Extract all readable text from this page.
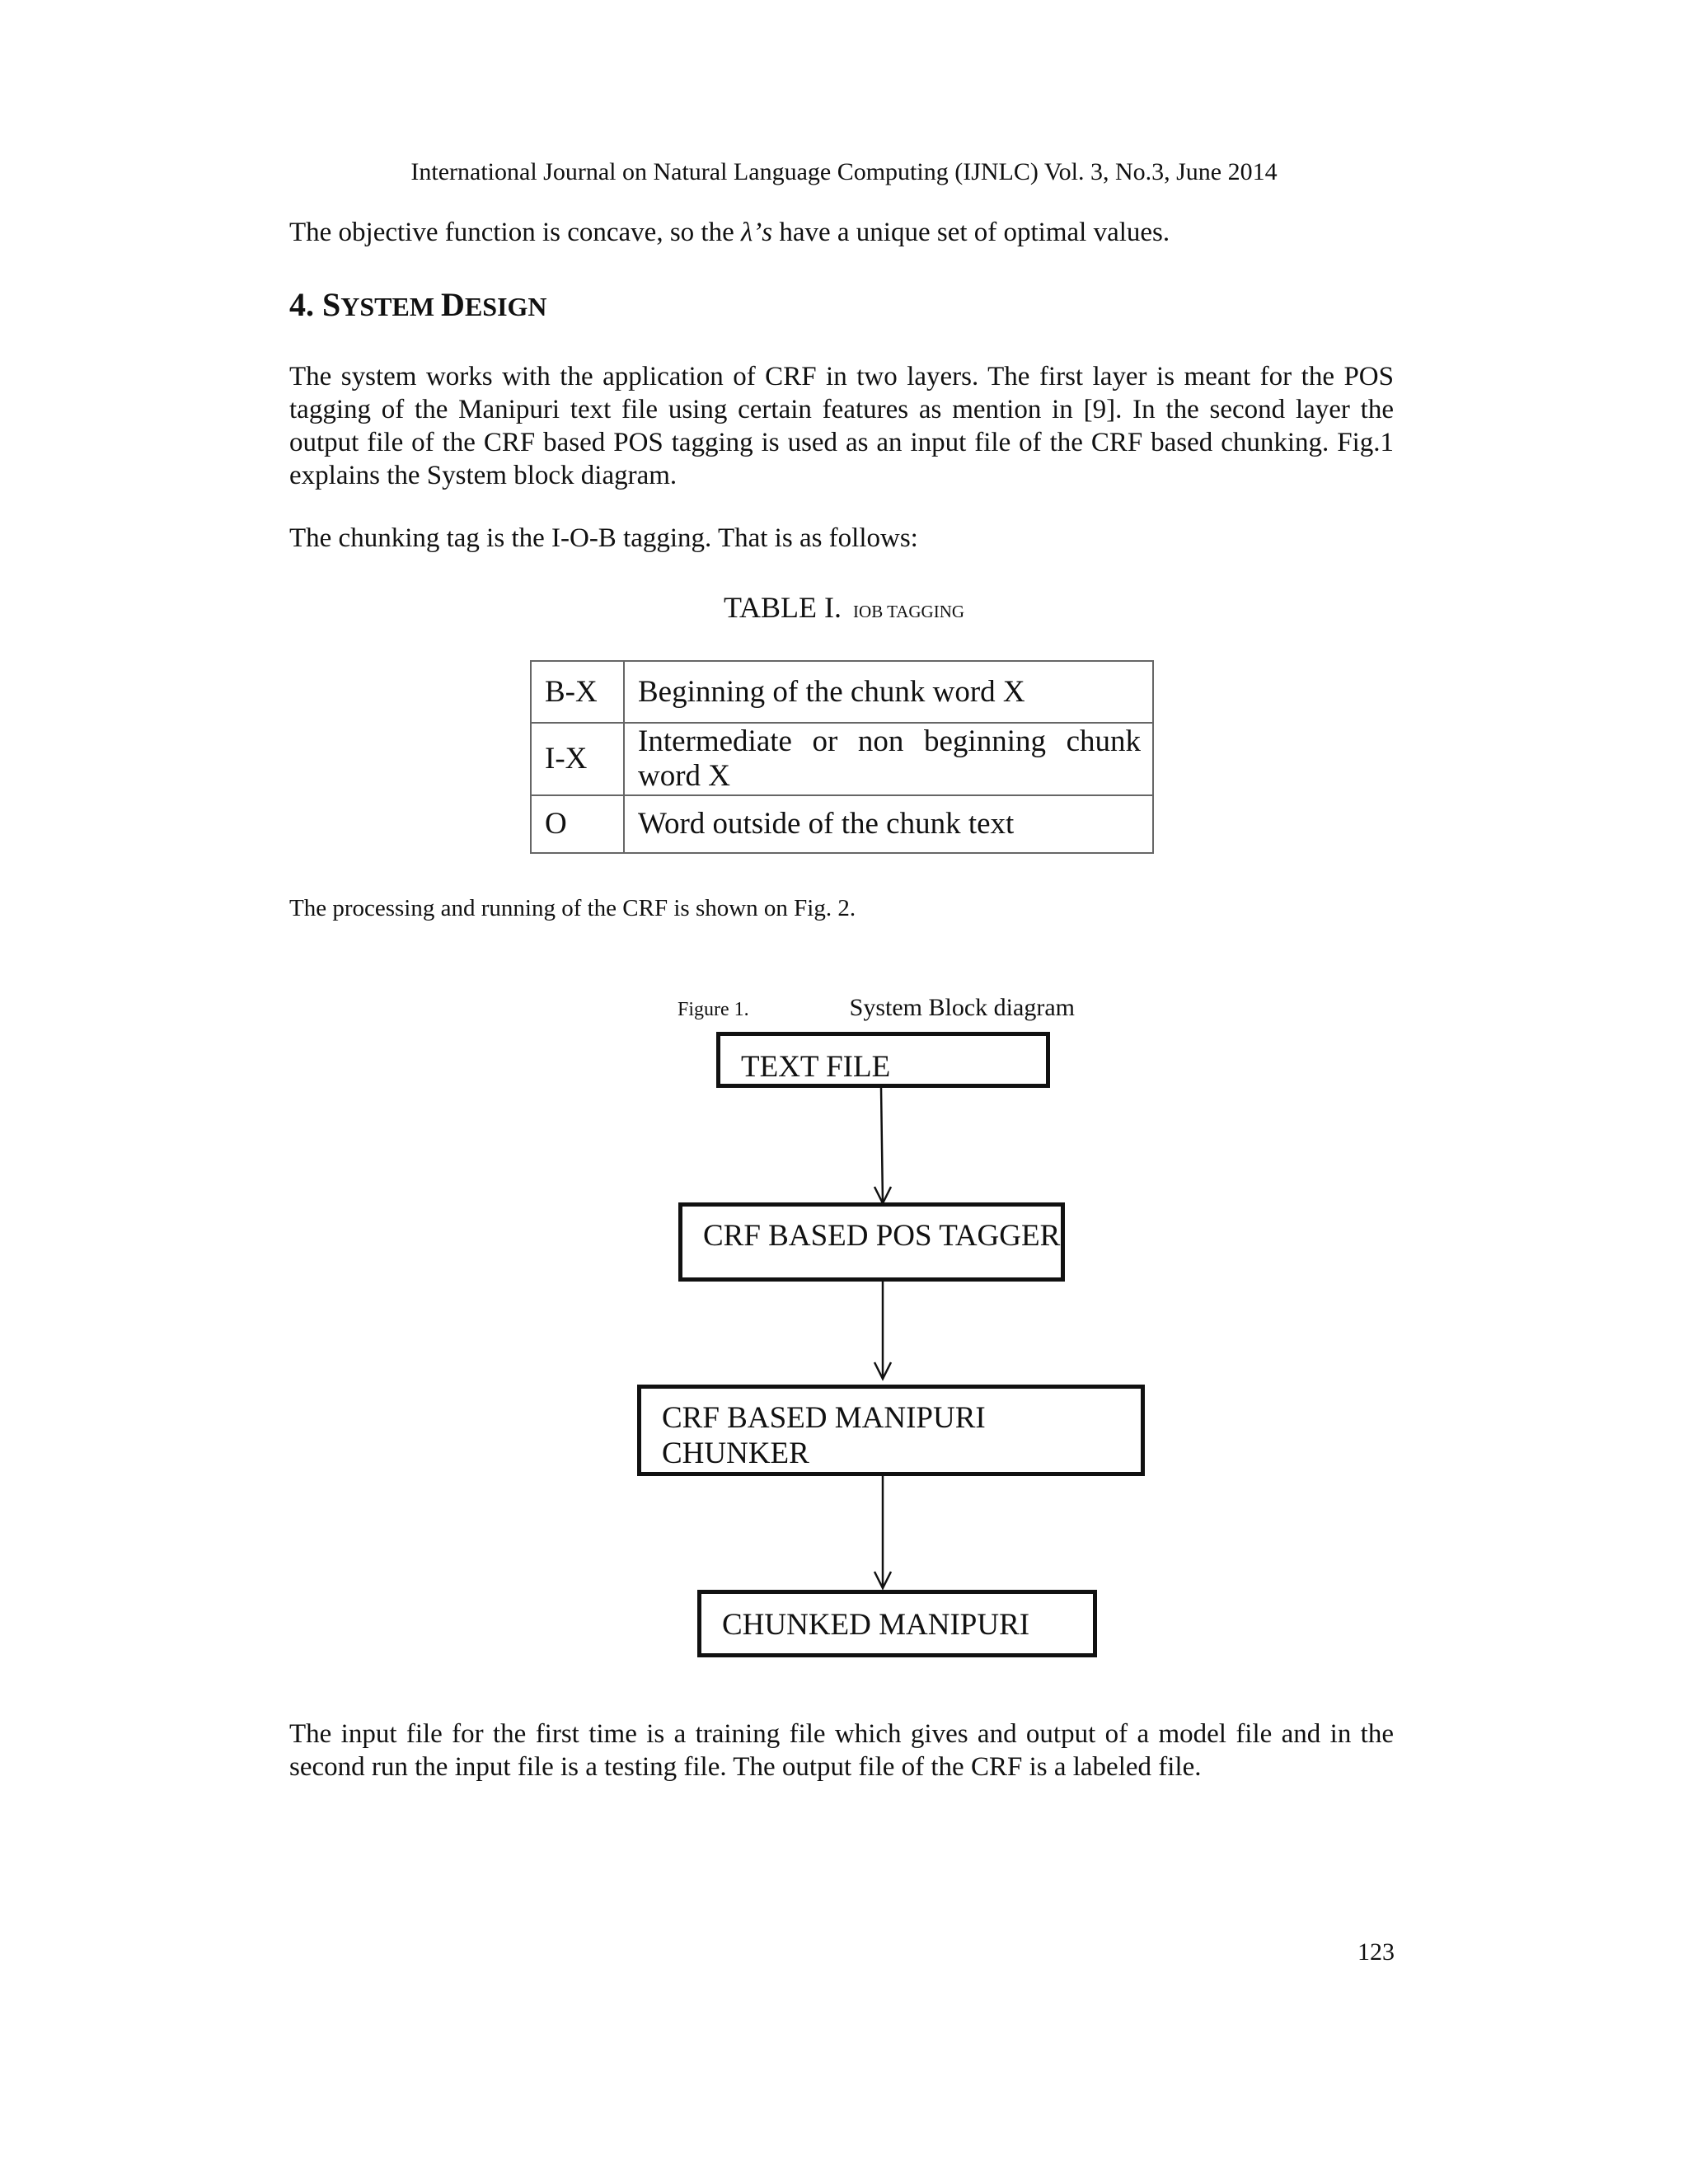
International Journal on Natural Language Computing (IJNLC) Vol. 3, No.3, June 2014
The objective function is concave, so the λ’s have a unique set of optimal values.
4. SYSTEM DESIGN
The system works with the application of CRF in two layers. The first layer is meant for the POS tagging of the Manipuri text file using certain features as mention in [9]. In the second layer the output file of the CRF based POS tagging is used as an input file of the CRF based chunking. Fig.1 explains the System block diagram.
The chunking tag is the I-O-B tagging. That is as follows:
TABLE I. IOB TAGGING
B-X	Beginning of the chunk word X
I-X	Intermediate or non beginning chunk word X
O	Word outside of the chunk text
The processing and running of the CRF is shown on Fig. 2.
Figure 1.	System Block diagram
TEXT FILE
CRF BASED POS TAGGER
CRF BASED MANIPURI CHUNKER
CHUNKED MANIPURI
The input file for the first time is a training file which gives and output of a model file and in the second run the input file is a testing file. The output file of the CRF is a labeled file.
123
